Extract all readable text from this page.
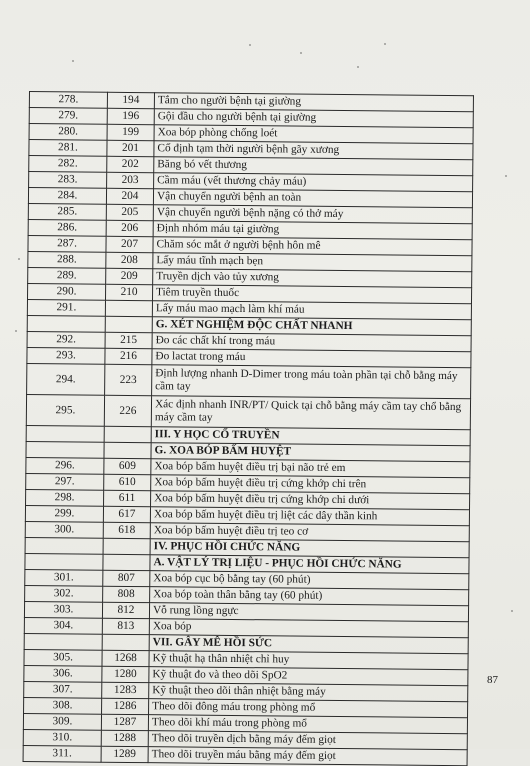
278.	194	Tắm cho người bệnh tại giường
279.	196	Gội đầu cho người bệnh tại giường
280.	199	Xoa bóp phòng chống loét
281.	201	Cố định tạm thời người bệnh gãy xương
282.	202	Băng bó vết thương
283.	203	Cầm máu (vết thương chảy máu)
284.	204	Vận chuyển người bệnh an toàn
285.	205	Vận chuyển người bệnh nặng có thở máy
286.	206	Định nhóm máu tại giường
287.	207	Chăm sóc mắt ở người bệnh hôn mê
288.	208	Lấy máu tĩnh mạch bẹn
289.	209	Truyền dịch vào tủy xương
290.	210	Tiêm truyền thuốc
291.		Lấy máu mao mạch làm khí máu
		G. XÉT NGHIỆM ĐỘC CHẤT NHANH
292.	215	Đo các chất khí trong máu
293.	216	Đo lactat trong máu
294.	223	Định lượng nhanh D-Dimer trong máu toàn phần tại chỗ bằng máy cầm tay
295.	226	Xác định nhanh INR/PT/ Quick tại chỗ bằng máy cầm tay chổ bằng máy cầm tay
		III. Y HỌC CỔ TRUYỀN
		G. XOA BÓP BẤM HUYỆT
296.	609	Xoa bóp bấm huyệt điều trị bại não trẻ em
297.	610	Xoa bóp bấm huyệt điều trị cứng khớp chi trên
298.	611	Xoa bóp bấm huyệt điều trị cứng khớp chi dưới
299.	617	Xoa bóp bấm huyệt điều trị liệt các dây thần kinh
300.	618	Xoa bóp bấm huyệt điều trị teo cơ
		IV. PHỤC HỒI CHỨC NĂNG
		A. VẬT LÝ TRỊ LIỆU - PHỤC HỒI CHỨC NĂNG
301.	807	Xoa bóp cục bộ bằng tay (60 phút)
302.	808	Xoa bóp toàn thân bằng tay (60 phút)
303.	812	Vỗ rung lồng ngực
304.	813	Xoa bóp
		VII. GÂY MÊ HỒI SỨC
305.	1268	Kỹ thuật hạ thân nhiệt chỉ huy
306.	1280	Kỹ thuật đo và theo dõi SpO2
307.	1283	Kỹ thuật theo dõi thân nhiệt bằng máy
308.	1286	Theo dõi đông máu trong phòng mổ
309.	1287	Theo dõi khí máu trong phòng mổ
310.	1288	Theo dõi truyền dịch bằng máy đếm giọt
311.	1289	Theo dõi truyền máu bằng máy đếm giọt
87
